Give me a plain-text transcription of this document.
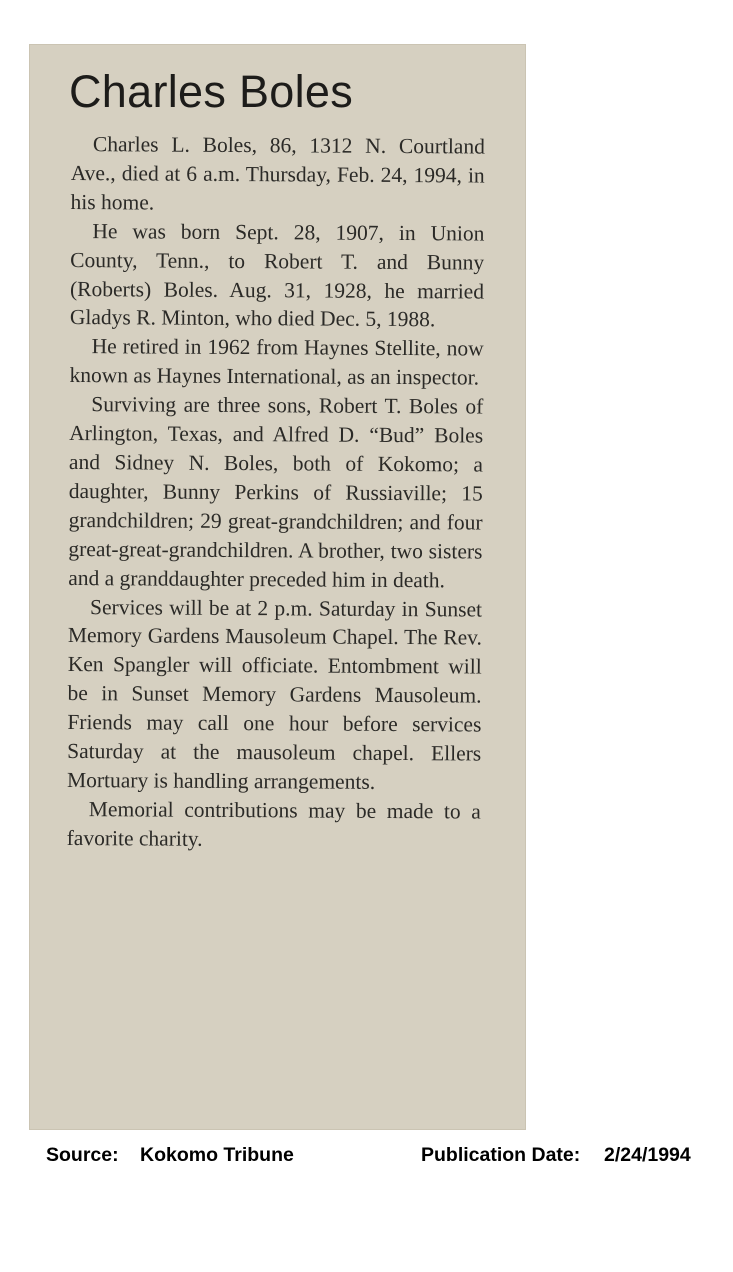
Charles Boles

Charles L. Boles, 86, 1312 N. Courtland Ave., died at 6 a.m. Thursday, Feb. 24, 1994, in his home.

He was born Sept. 28, 1907, in Union County, Tenn., to Robert T. and Bunny (Roberts) Boles. Aug. 31, 1928, he married Gladys R. Minton, who died Dec. 5, 1988.

He retired in 1962 from Haynes Stellite, now known as Haynes International, as an inspector.

Surviving are three sons, Robert T. Boles of Arlington, Texas, and Alfred D. “Bud” Boles and Sidney N. Boles, both of Kokomo; a daughter, Bunny Perkins of Russiaville; 15 grandchildren; 29 great-grandchildren; and four great-great-grandchildren. A brother, two sisters and a granddaughter preceded him in death.

Services will be at 2 p.m. Saturday in Sunset Memory Gardens Mausoleum Chapel. The Rev. Ken Spangler will officiate. Entombment will be in Sunset Memory Gardens Mausoleum. Friends may call one hour before services Saturday at the mausoleum chapel. Ellers Mortuary is handling arrangements.

Memorial contributions may be made to a favorite charity.

Source: Kokomo Tribune	Publication Date: 2/24/1994
